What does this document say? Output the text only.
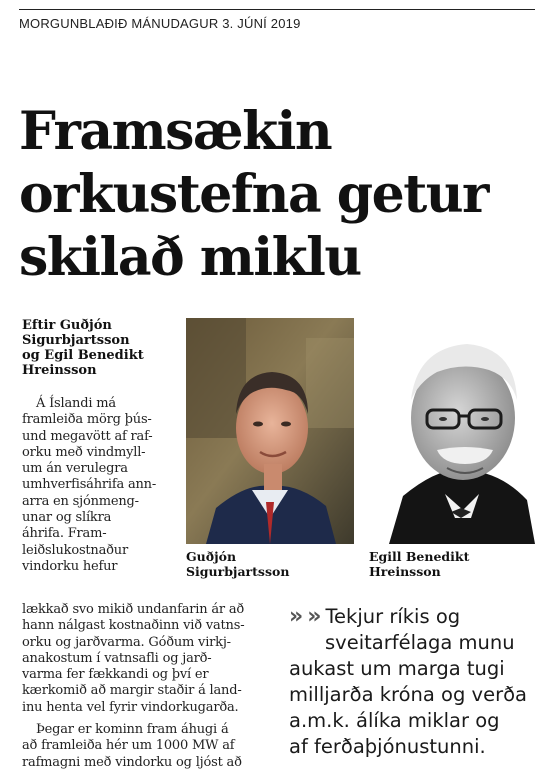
MORGUNBLAÐIÐ MÁNUDAGUR 3. JÚNÍ 2019
Framsækin
orkustefna getur
skilað miklu
Eftir Guðjón
Sigurbjartsson
og Egil Benedikt
Hreinsson
Á Íslandi má
framleiða mörg þús-
und megavött af raf-
orku með vindmyll-
um án verulegra
umhverfisáhrifa ann-
arra en sjónmeng-
unar og slíkra
áhrifa. Fram-
leiðslukostnaður
vindorku hefur
lækkað svo mikið undanfarin ár að
hann nálgast kostnaðinn við vatns-
orku og jarðvarma. Góðum virkj-
anakostum í vatnsafli og jarð-
varma fer fækkandi og því er
kærkomið að margir staðir á land-
inu henta vel fyrir vindorkugarða.
Þegar er kominn fram áhugi á
að framleiða hér um 1000 MW af
rafmagni með vindorku og ljóst að
Guðjón
Sigurbjartsson
Egill Benedikt
Hreinsson
» » Tekjur ríkis og
sveitarfélaga munu
aukast um marga tugi
milljarða króna og verða
a.m.k. álíka miklar og
af ferðaþjónustunni.
